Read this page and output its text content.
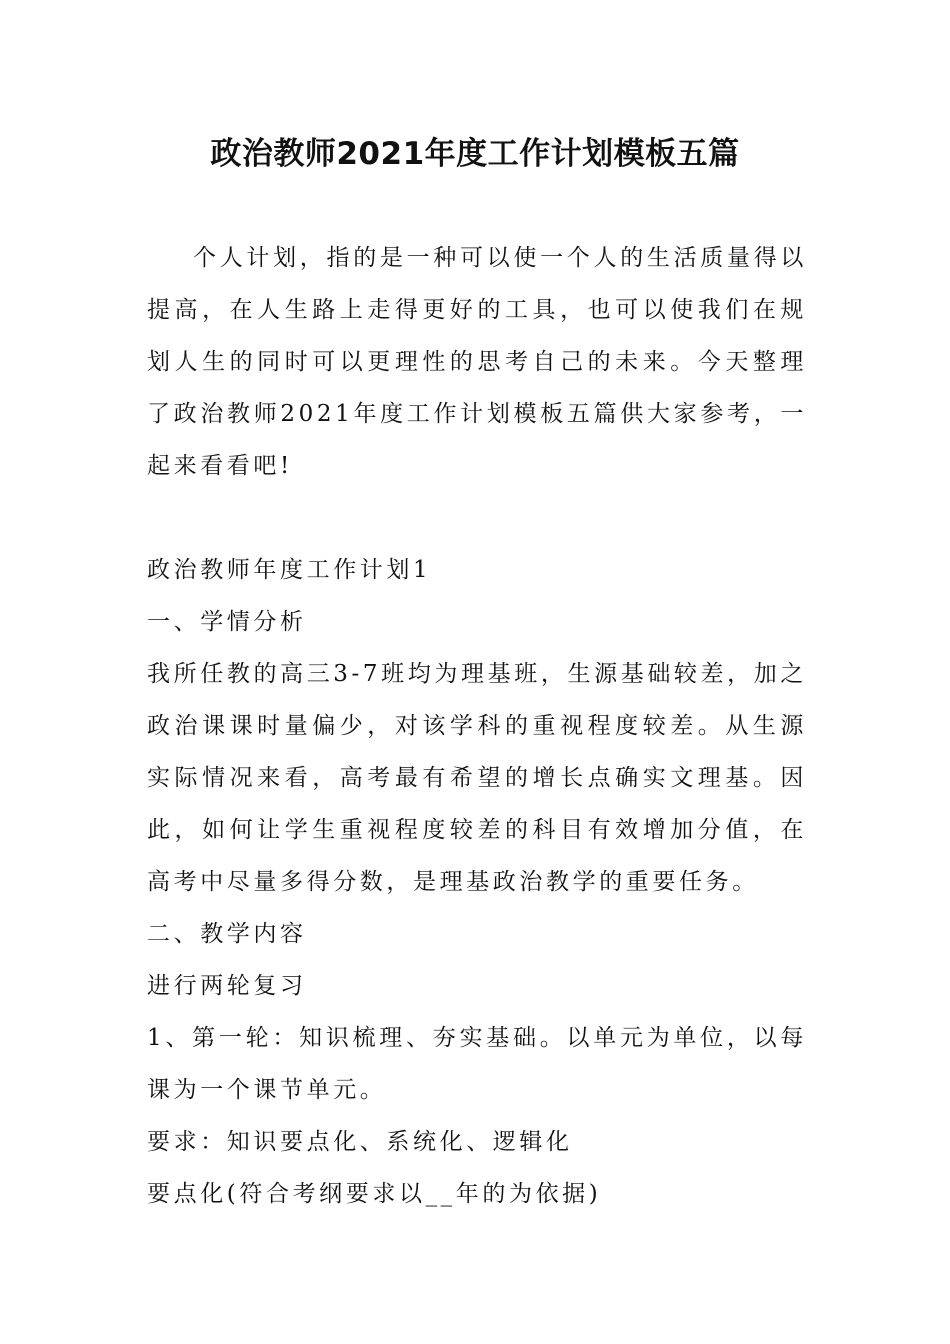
政治教师2021年度工作计划模板五篇

个人计划，指的是一种可以使一个人的生活质量得以提高，在人生路上走得更好的工具，也可以使我们在规划人生的同时可以更理性的思考自己的未来。今天整理了政治教师2021年度工作计划模板五篇供大家参考，一起来看看吧!

政治教师年度工作计划1

一、学情分析

我所任教的高三3-7班均为理基班，生源基础较差，加之政治课课时量偏少，对该学科的重视程度较差。从生源实际情况来看，高考最有希望的增长点确实文理基。因此，如何让学生重视程度较差的科目有效增加分值，在高考中尽量多得分数，是理基政治教学的重要任务。

二、教学内容

进行两轮复习

1、第一轮：知识梳理、夯实基础。以单元为单位，以每课为一个课节单元。

要求：知识要点化、系统化、逻辑化

要点化(符合考纲要求以__年的为依据)
